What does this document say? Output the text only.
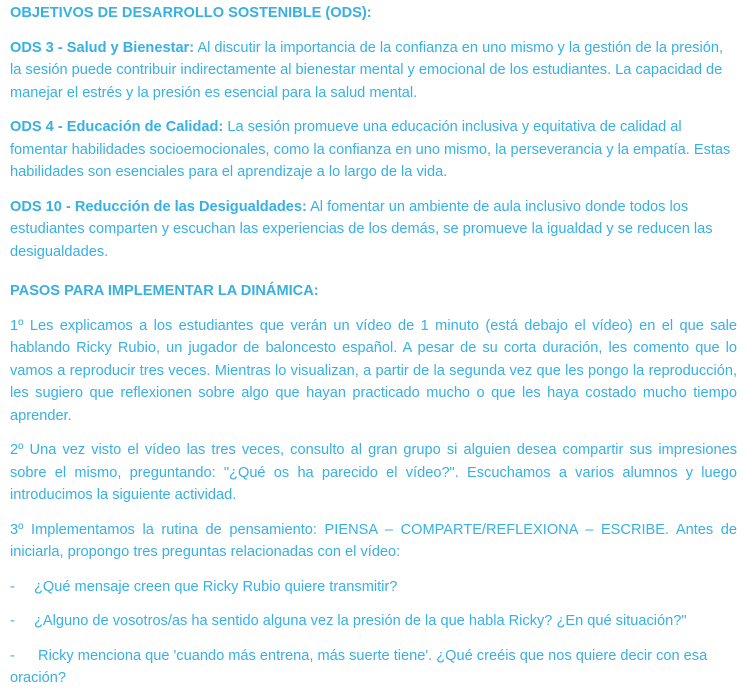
OBJETIVOS DE DESARROLLO SOSTENIBLE (ODS):

ODS 3 - Salud y Bienestar: Al discutir la importancia de la confianza en uno mismo y la gestión de la presión, la sesión puede contribuir indirectamente al bienestar mental y emocional de los estudiantes. La capacidad de manejar el estrés y la presión es esencial para la salud mental.

ODS 4 - Educación de Calidad: La sesión promueve una educación inclusiva y equitativa de calidad al fomentar habilidades socioemocionales, como la confianza en uno mismo, la perseverancia y la empatía. Estas habilidades son esenciales para el aprendizaje a lo largo de la vida.

ODS 10 - Reducción de las Desigualdades: Al fomentar un ambiente de aula inclusivo donde todos los estudiantes comparten y escuchan las experiencias de los demás, se promueve la igualdad y se reducen las desigualdades.

PASOS PARA IMPLEMENTAR LA DINÁMICA:

1º Les explicamos a los estudiantes que verán un vídeo de 1 minuto (está debajo el vídeo) en el que sale hablando Ricky Rubio, un jugador de baloncesto español. A pesar de su corta duración, les comento que lo vamos a reproducir tres veces. Mientras lo visualizan, a partir de la segunda vez que les pongo la reproducción, les sugiero que reflexionen sobre algo que hayan practicado mucho o que les haya costado mucho tiempo aprender.

2º Una vez visto el vídeo las tres veces, consulto al gran grupo si alguien desea compartir sus impresiones sobre el mismo, preguntando: "¿Qué os ha parecido el vídeo?". Escuchamos a varios alumnos y luego introducimos la siguiente actividad.

3º Implementamos la rutina de pensamiento: PIENSA – COMPARTE/REFLEXIONA – ESCRIBE. Antes de iniciarla, propongo tres preguntas relacionadas con el vídeo:

-	¿Qué mensaje creen que Ricky Rubio quiere transmitir?
-	¿Alguno de vosotros/as ha sentido alguna vez la presión de la que habla Ricky? ¿En qué situación?"
- Ricky menciona que 'cuando más entrena, más suerte tiene'. ¿Qué creéis que nos quiere decir con esa oración?
